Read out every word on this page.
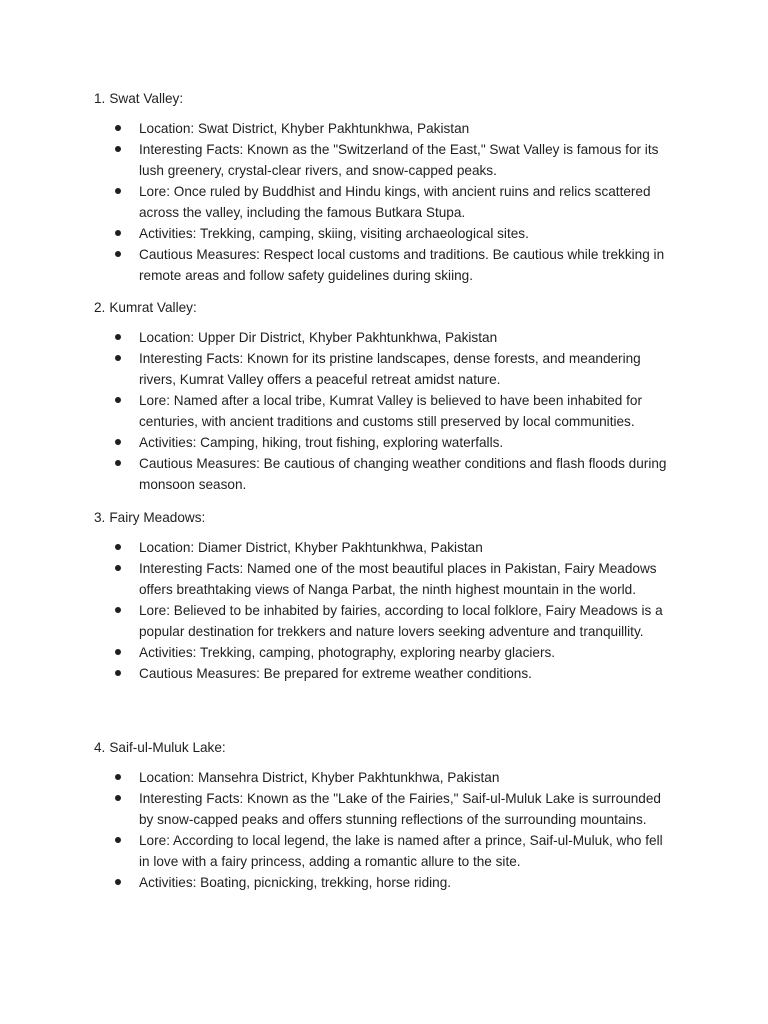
1. Swat Valley:
Location: Swat District, Khyber Pakhtunkhwa, Pakistan
Interesting Facts: Known as the "Switzerland of the East," Swat Valley is famous for its lush greenery, crystal-clear rivers, and snow-capped peaks.
Lore: Once ruled by Buddhist and Hindu kings, with ancient ruins and relics scattered across the valley, including the famous Butkara Stupa.
Activities: Trekking, camping, skiing, visiting archaeological sites.
Cautious Measures: Respect local customs and traditions. Be cautious while trekking in remote areas and follow safety guidelines during skiing.
2. Kumrat Valley:
Location: Upper Dir District, Khyber Pakhtunkhwa, Pakistan
Interesting Facts: Known for its pristine landscapes, dense forests, and meandering rivers, Kumrat Valley offers a peaceful retreat amidst nature.
Lore: Named after a local tribe, Kumrat Valley is believed to have been inhabited for centuries, with ancient traditions and customs still preserved by local communities.
Activities: Camping, hiking, trout fishing, exploring waterfalls.
Cautious Measures: Be cautious of changing weather conditions and flash floods during monsoon season.
3. Fairy Meadows:
Location: Diamer District, Khyber Pakhtunkhwa, Pakistan
Interesting Facts: Named one of the most beautiful places in Pakistan, Fairy Meadows offers breathtaking views of Nanga Parbat, the ninth highest mountain in the world.
Lore: Believed to be inhabited by fairies, according to local folklore, Fairy Meadows is a popular destination for trekkers and nature lovers seeking adventure and tranquillity.
Activities: Trekking, camping, photography, exploring nearby glaciers.
Cautious Measures: Be prepared for extreme weather conditions.
4. Saif-ul-Muluk Lake:
Location: Mansehra District, Khyber Pakhtunkhwa, Pakistan
Interesting Facts: Known as the "Lake of the Fairies," Saif-ul-Muluk Lake is surrounded by snow-capped peaks and offers stunning reflections of the surrounding mountains.
Lore: According to local legend, the lake is named after a prince, Saif-ul-Muluk, who fell in love with a fairy princess, adding a romantic allure to the site.
Activities: Boating, picnicking, trekking, horse riding.
